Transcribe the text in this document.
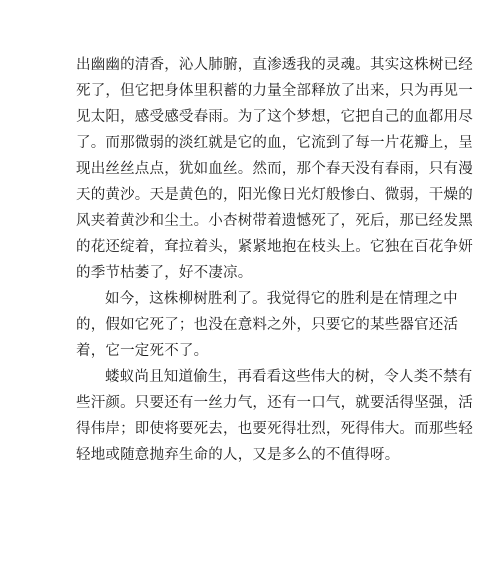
出幽幽的清香，沁人肺腑，直渗透我的灵魂。其实这株树已经
死了，但它把身体里积蓄的力量全部释放了出来，只为再见一
见太阳，感受感受春雨。为了这个梦想，它把自己的血都用尽
了。而那微弱的淡红就是它的血，它流到了每一片花瓣上，呈
现出丝丝点点，犹如血丝。然而，那个春天没有春雨，只有漫
天的黄沙。天是黄色的，阳光像日光灯般惨白、微弱，干燥的
风夹着黄沙和尘土。小杏树带着遗憾死了，死后，那已经发黑
的花还绽着，耷拉着头，紧紧地抱在枝头上。它独在百花争妍
的季节枯萎了，好不凄凉。
如今，这株柳树胜利了。我觉得它的胜利是在情理之中
的，假如它死了；也没在意料之外，只要它的某些器官还活
着，它一定死不了。
蝼蚁尚且知道偷生，再看看这些伟大的树，令人类不禁有
些汗颜。只要还有一丝力气，还有一口气，就要活得坚强，活
得伟岸；即使将要死去，也要死得壮烈，死得伟大。而那些轻
轻地或随意抛弃生命的人，又是多么的不值得呀。
